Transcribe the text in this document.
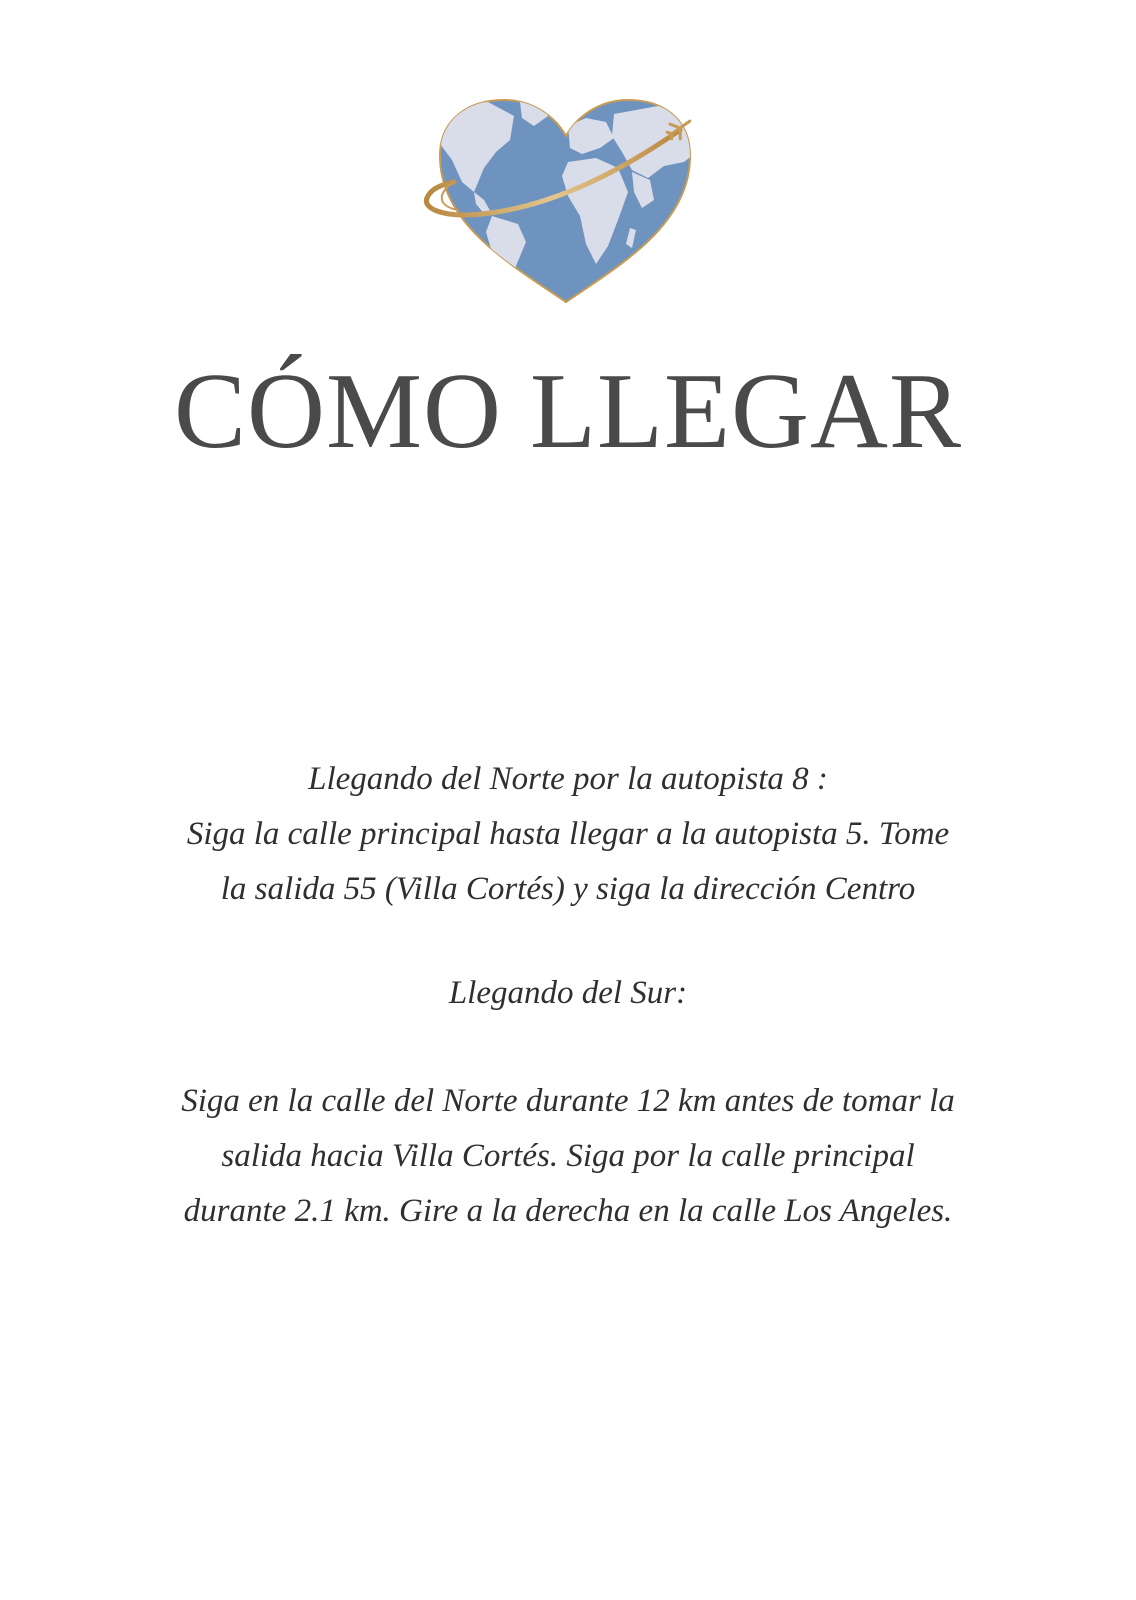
CÓMO LLEGAR
Llegando del Norte por la autopista 8 :
Siga la calle principal hasta llegar a la autopista 5. Tome
la salida 55 (Villa Cortés) y siga la dirección Centro
Llegando del Sur:
Siga en la calle del Norte durante 12 km antes de tomar la
salida hacia Villa Cortés. Siga por la calle principal
durante 2.1 km. Gire a la derecha en la calle Los Angeles.
